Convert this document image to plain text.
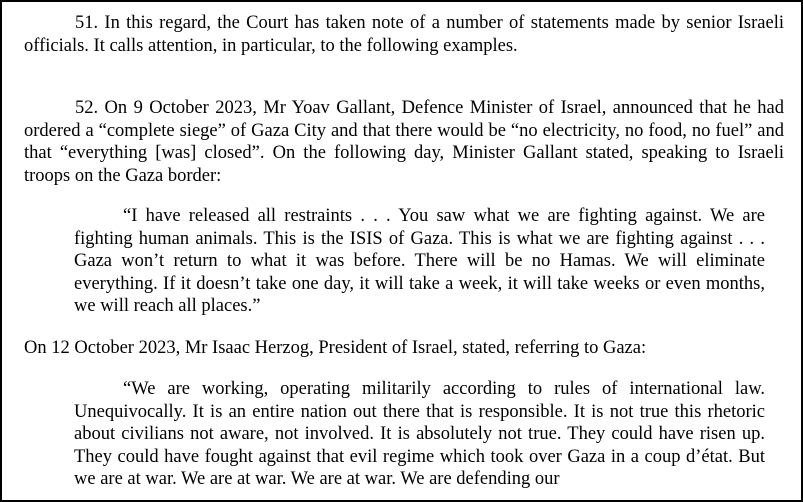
51. In this regard, the Court has taken note of a number of statements made by senior Israeli officials. It calls attention, in particular, to the following examples.

52. On 9 October 2023, Mr Yoav Gallant, Defence Minister of Israel, announced that he had ordered a “complete siege” of Gaza City and that there would be “no electricity, no food, no fuel” and that “everything [was] closed”. On the following day, Minister Gallant stated, speaking to Israeli troops on the Gaza border:

“I have released all restraints . . . You saw what we are fighting against. We are fighting human animals. This is the ISIS of Gaza. This is what we are fighting against . . . Gaza won’t return to what it was before. There will be no Hamas. We will eliminate everything. If it doesn’t take one day, it will take a week, it will take weeks or even months, we will reach all places.”

On 12 October 2023, Mr Isaac Herzog, President of Israel, stated, referring to Gaza:

“We are working, operating militarily according to rules of international law. Unequivocally. It is an entire nation out there that is responsible. It is not true this rhetoric about civilians not aware, not involved. It is absolutely not true. They could have risen up. They could have fought against that evil regime which took over Gaza in a coup d’état. But we are at war. We are at war. We are at war. We are defending our
